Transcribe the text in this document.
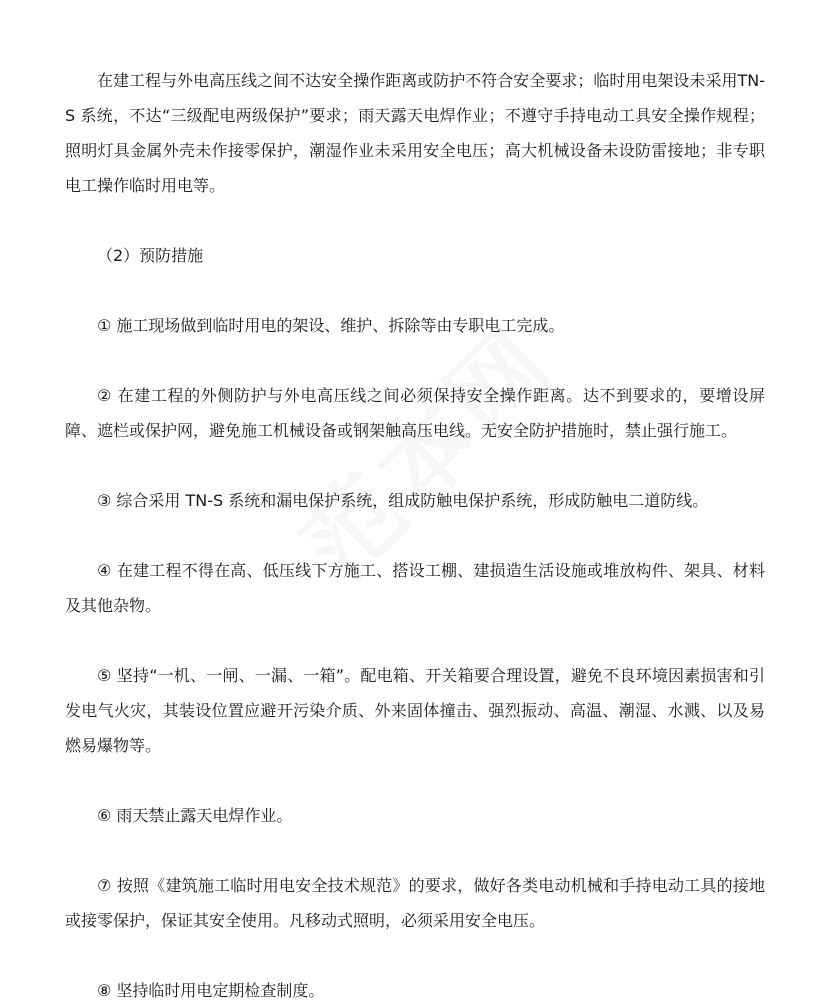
在建工程与外电高压线之间不达安全操作距离或防护不符合安全要求；临时用电架设未采用TN-S 系统，不达“三级配电两级保护”要求；雨天露天电焊作业；不遵守手持电动工具安全操作规程；照明灯具金属外壳未作接零保护，潮湿作业未采用安全电压；高大机械设备未设防雷接地；非专职电工操作临时用电等。

（2）预防措施

① 施工现场做到临时用电的架设、维护、拆除等由专职电工完成。

② 在建工程的外侧防护与外电高压线之间必须保持安全操作距离。达不到要求的，要增设屏障、遮栏或保护网，避免施工机械设备或钢架触高压电线。无安全防护措施时，禁止强行施工。

③ 综合采用 TN-S 系统和漏电保护系统，组成防触电保护系统，形成防触电二道防线。

④ 在建工程不得在高、低压线下方施工、搭设工棚、建损造生活设施或堆放构件、架具、材料及其他杂物。

⑤ 坚持“一机、一闸、一漏、一箱”。配电箱、开关箱要合理设置，避免不良环境因素损害和引发电气火灾，其装设位置应避开污染介质、外来固体撞击、强烈振动、高温、潮湿、水溅、以及易燃易爆物等。

⑥ 雨天禁止露天电焊作业。

⑦ 按照《建筑施工临时用电安全技术规范》的要求，做好各类电动机械和手持电动工具的接地或接零保护，保证其安全使用。凡移动式照明，必须采用安全电压。

⑧ 坚持临时用电定期检查制度。
